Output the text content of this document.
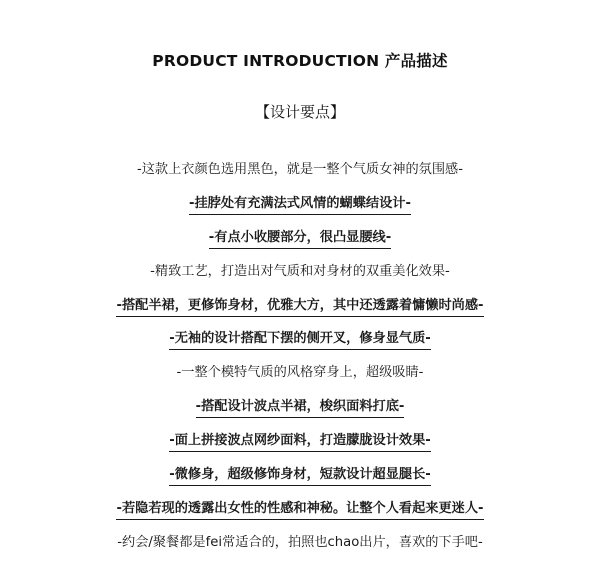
PRODUCT INTRODUCTION 产品描述
【设计要点】
-这款上衣颜色选用黑色，就是一整个气质女神的氛围感-
-挂脖处有充满法式风情的蝴蝶结设计-
-有点小收腰部分，很凸显腰线-
-精致工艺，打造出对气质和对身材的双重美化效果-
-搭配半裙，更修饰身材，优雅大方，其中还透露着慵懒时尚感-
-无袖的设计搭配下摆的侧开叉，修身显气质-
-一整个模特气质的风格穿身上，超级吸睛-
-搭配设计波点半裙，梭织面料打底-
-面上拼接波点网纱面料，打造朦胧设计效果-
-微修身，超级修饰身材，短款设计超显腿长-
-若隐若现的透露出女性的性感和神秘。让整个人看起来更迷人-
-约会/聚餐都是fei常适合的，拍照也chao出片，喜欢的下手吧-
